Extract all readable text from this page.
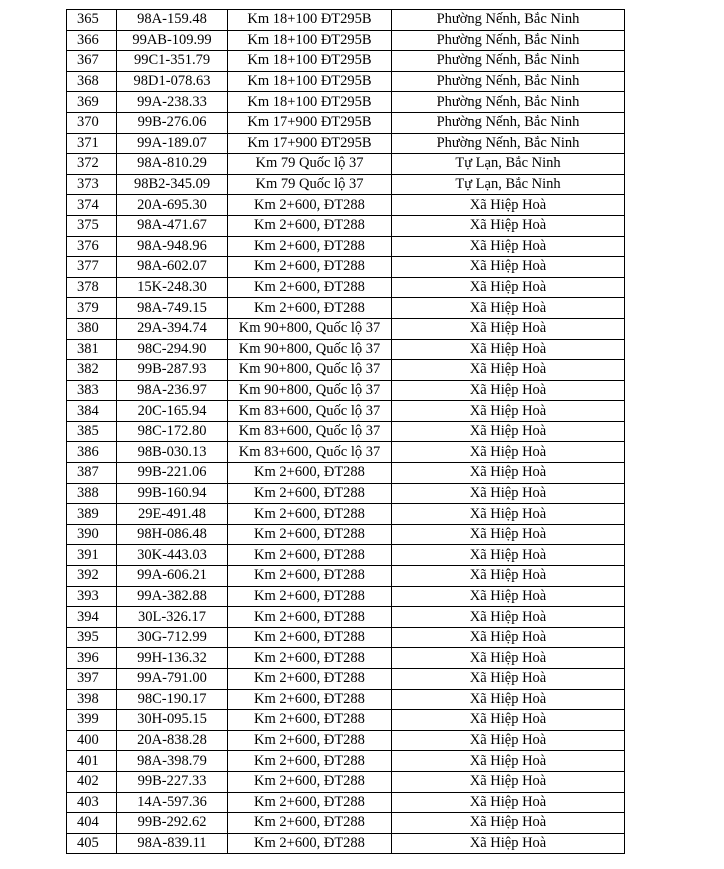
365	98A-159.48	Km 18+100 ĐT295B	Phường Nếnh, Bắc Ninh
366	99AB-109.99	Km 18+100 ĐT295B	Phường Nếnh, Bắc Ninh
367	99C1-351.79	Km 18+100 ĐT295B	Phường Nếnh, Bắc Ninh
368	98D1-078.63	Km 18+100 ĐT295B	Phường Nếnh, Bắc Ninh
369	99A-238.33	Km 18+100 ĐT295B	Phường Nếnh, Bắc Ninh
370	99B-276.06	Km 17+900 ĐT295B	Phường Nếnh, Bắc Ninh
371	99A-189.07	Km 17+900 ĐT295B	Phường Nếnh, Bắc Ninh
372	98A-810.29	Km 79 Quốc lộ 37	Tự Lạn, Bắc Ninh
373	98B2-345.09	Km 79 Quốc lộ 37	Tự Lạn, Bắc Ninh
374	20A-695.30	Km 2+600, ĐT288	Xã Hiệp Hoà
375	98A-471.67	Km 2+600, ĐT288	Xã Hiệp Hoà
376	98A-948.96	Km 2+600, ĐT288	Xã Hiệp Hoà
377	98A-602.07	Km 2+600, ĐT288	Xã Hiệp Hoà
378	15K-248.30	Km 2+600, ĐT288	Xã Hiệp Hoà
379	98A-749.15	Km 2+600, ĐT288	Xã Hiệp Hoà
380	29A-394.74	Km 90+800, Quốc lộ 37	Xã Hiệp Hoà
381	98C-294.90	Km 90+800, Quốc lộ 37	Xã Hiệp Hoà
382	99B-287.93	Km 90+800, Quốc lộ 37	Xã Hiệp Hoà
383	98A-236.97	Km 90+800, Quốc lộ 37	Xã Hiệp Hoà
384	20C-165.94	Km 83+600, Quốc lộ 37	Xã Hiệp Hoà
385	98C-172.80	Km 83+600, Quốc lộ 37	Xã Hiệp Hoà
386	98B-030.13	Km 83+600, Quốc lộ 37	Xã Hiệp Hoà
387	99B-221.06	Km 2+600, ĐT288	Xã Hiệp Hoà
388	99B-160.94	Km 2+600, ĐT288	Xã Hiệp Hoà
389	29E-491.48	Km 2+600, ĐT288	Xã Hiệp Hoà
390	98H-086.48	Km 2+600, ĐT288	Xã Hiệp Hoà
391	30K-443.03	Km 2+600, ĐT288	Xã Hiệp Hoà
392	99A-606.21	Km 2+600, ĐT288	Xã Hiệp Hoà
393	99A-382.88	Km 2+600, ĐT288	Xã Hiệp Hoà
394	30L-326.17	Km 2+600, ĐT288	Xã Hiệp Hoà
395	30G-712.99	Km 2+600, ĐT288	Xã Hiệp Hoà
396	99H-136.32	Km 2+600, ĐT288	Xã Hiệp Hoà
397	99A-791.00	Km 2+600, ĐT288	Xã Hiệp Hoà
398	98C-190.17	Km 2+600, ĐT288	Xã Hiệp Hoà
399	30H-095.15	Km 2+600, ĐT288	Xã Hiệp Hoà
400	20A-838.28	Km 2+600, ĐT288	Xã Hiệp Hoà
401	98A-398.79	Km 2+600, ĐT288	Xã Hiệp Hoà
402	99B-227.33	Km 2+600, ĐT288	Xã Hiệp Hoà
403	14A-597.36	Km 2+600, ĐT288	Xã Hiệp Hoà
404	99B-292.62	Km 2+600, ĐT288	Xã Hiệp Hoà
405	98A-839.11	Km 2+600, ĐT288	Xã Hiệp Hoà
